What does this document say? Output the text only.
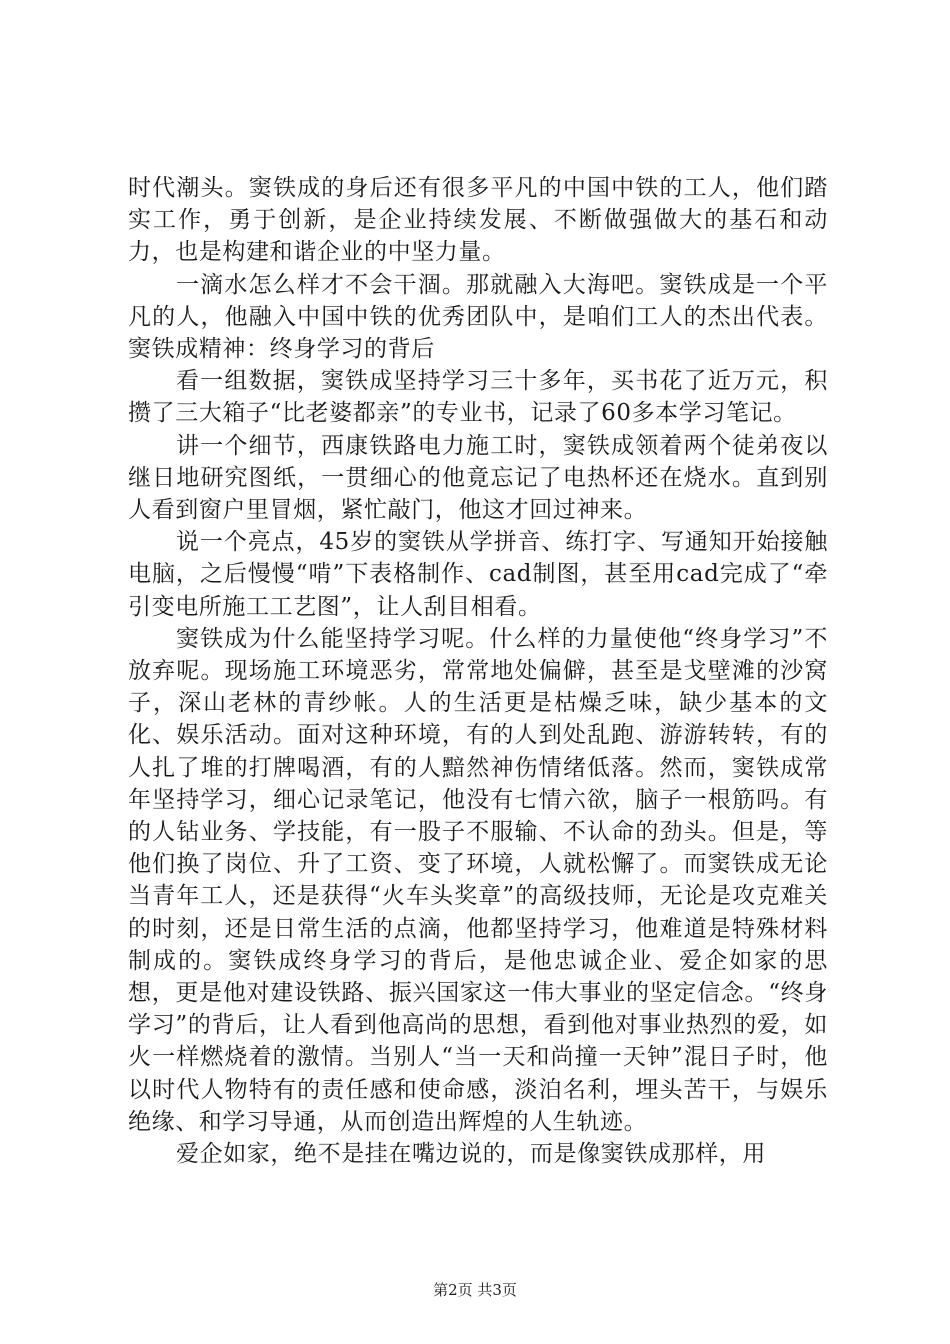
时代潮头。窦铁成的身后还有很多平凡的中国中铁的工人，他们踏实工作，勇于创新，是企业持续发展、不断做强做大的基石和动力，也是构建和谐企业的中坚力量。

一滴水怎么样才不会干涸。那就融入大海吧。窦铁成是一个平凡的人，他融入中国中铁的优秀团队中，是咱们工人的杰出代表。窦铁成精神：终身学习的背后

看一组数据，窦铁成坚持学习三十多年，买书花了近万元，积攒了三大箱子“比老婆都亲”的专业书，记录了60多本学习笔记。

讲一个细节，西康铁路电力施工时，窦铁成领着两个徒弟夜以继日地研究图纸，一贯细心的他竟忘记了电热杯还在烧水。直到别人看到窗户里冒烟，紧忙敲门，他这才回过神来。

说一个亮点，45岁的窦铁从学拼音、练打字、写通知开始接触电脑，之后慢慢“啃”下表格制作、cad制图，甚至用cad完成了“牵引变电所施工工艺图”，让人刮目相看。

窦铁成为什么能坚持学习呢。什么样的力量使他“终身学习”不放弃呢。现场施工环境恶劣，常常地处偏僻，甚至是戈壁滩的沙窝子，深山老林的青纱帐。人的生活更是枯燥乏味，缺少基本的文化、娱乐活动。面对这种环境，有的人到处乱跑、游游转转，有的人扎了堆的打牌喝酒，有的人黯然神伤情绪低落。然而，窦铁成常年坚持学习，细心记录笔记，他没有七情六欲，脑子一根筋吗。有的人钻业务、学技能，有一股子不服输、不认命的劲头。但是，等他们换了岗位、升了工资、变了环境，人就松懈了。而窦铁成无论当青年工人，还是获得“火车头奖章”的高级技师，无论是攻克难关的时刻，还是日常生活的点滴，他都坚持学习，他难道是特殊材料制成的。窦铁成终身学习的背后，是他忠诚企业、爱企如家的思想，更是他对建设铁路、振兴国家这一伟大事业的坚定信念。“终身学习”的背后，让人看到他高尚的思想，看到他对事业热烈的爱，如火一样燃烧着的激情。当别人“当一天和尚撞一天钟”混日子时，他以时代人物特有的责任感和使命感，淡泊名利，埋头苦干，与娱乐绝缘、和学习导通，从而创造出辉煌的人生轨迹。

爱企如家，绝不是挂在嘴边说的，而是像窦铁成那样，用

第2页 共3页
